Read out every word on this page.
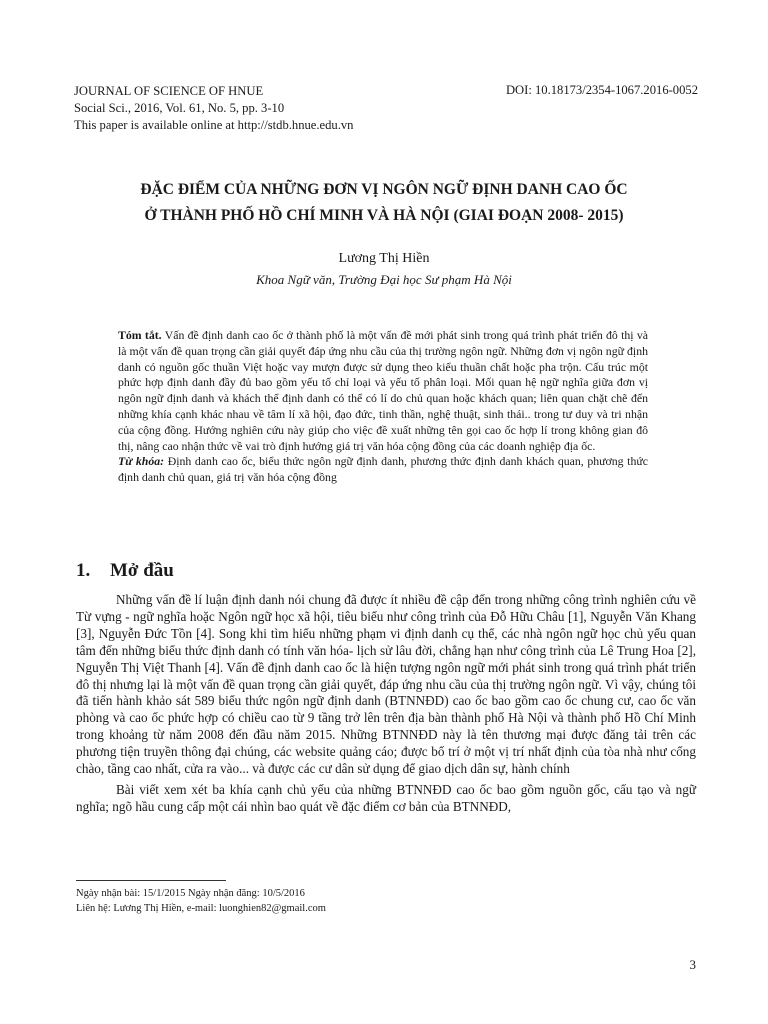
JOURNAL OF SCIENCE OF HNUE
Social Sci., 2016, Vol. 61, No. 5, pp. 3-10
This paper is available online at http://stdb.hnue.edu.vn
DOI: 10.18173/2354-1067.2016-0052
ĐẶC ĐIỂM CỦA NHỮNG ĐƠN VỊ NGÔN NGỮ ĐỊNH DANH CAO ỐC
Ở THÀNH PHỐ HỒ CHÍ MINH VÀ HÀ NỘI (GIAI ĐOẠN 2008- 2015)
Lương Thị Hiền
Khoa Ngữ văn, Trường Đại học Sư phạm Hà Nội

Tóm tắt. Vấn đề định danh cao ốc ở thành phố là một vấn đề mới phát sinh trong quá trình phát triển đô thị và là một vấn đề quan trọng cần giải quyết đáp ứng nhu cầu của thị trường ngôn ngữ. Những đơn vị ngôn ngữ định danh có nguồn gốc thuần Việt hoặc vay mượn được sử dụng theo kiểu thuần chất hoặc pha trộn. Cấu trúc một phức hợp định danh đầy đủ bao gồm yếu tố chỉ loại và yếu tố phân loại. Mối quan hệ ngữ nghĩa giữa đơn vị ngôn ngữ định danh và khách thể định danh có thể có lí do chủ quan hoặc khách quan; liên quan chặt chẽ đến những khía cạnh khác nhau về tâm lí xã hội, đạo đức, tinh thần, nghệ thuật, sinh thái.. trong tư duy và tri nhận của cộng đồng. Hướng nghiên cứu này giúp cho việc đề xuất những tên gọi cao ốc hợp lí trong không gian đô thị, nâng cao nhận thức về vai trò định hướng giá trị văn hóa cộng đồng của các doanh nghiệp địa ốc.

Từ khóa: Định danh cao ốc, biểu thức ngôn ngữ định danh, phương thức định danh khách quan, phương thức định danh chủ quan, giá trị văn hóa cộng đồng

1. Mở đầu

Những vấn đề lí luận định danh nói chung đã được ít nhiều đề cập đến trong những công trình nghiên cứu về Từ vựng - ngữ nghĩa hoặc Ngôn ngữ học xã hội, tiêu biểu như công trình của Đỗ Hữu Châu [1], Nguyễn Văn Khang [3], Nguyễn Đức Tồn [4]. Song khi tìm hiểu những phạm vi định danh cụ thể, các nhà ngôn ngữ học chủ yếu quan tâm đến những biểu thức định danh có tính văn hóa- lịch sử lâu đời, chẳng hạn như công trình của Lê Trung Hoa [2], Nguyễn Thị Việt Thanh [4]. Vấn đề định danh cao ốc là hiện tượng ngôn ngữ mới phát sinh trong quá trình phát triển đô thị nhưng lại là một vấn đề quan trọng cần giải quyết, đáp ứng nhu cầu của thị trường ngôn ngữ. Vì vậy, chúng tôi đã tiến hành khảo sát 589 biểu thức ngôn ngữ định danh (BTNNĐD) cao ốc bao gồm cao ốc chung cư, cao ốc văn phòng và cao ốc phức hợp có chiều cao từ 9 tầng trở lên trên địa bàn thành phố Hà Nội và thành phố Hồ Chí Minh trong khoảng từ năm 2008 đến đầu năm 2015. Những BTNNĐD này là tên thương mại được đăng tải trên các phương tiện truyền thông đại chúng, các website quảng cáo; được bố trí ở một vị trí nhất định của tòa nhà như cổng chào, tầng cao nhất, cửa ra vào... và được các cư dân sử dụng để giao dịch dân sự, hành chính

Bài viết xem xét ba khía cạnh chủ yếu của những BTNNĐD cao ốc bao gồm nguồn gốc, cấu tạo và ngữ nghĩa; ngõ hầu cung cấp một cái nhìn bao quát về đặc điểm cơ bản của BTNNĐD,

Ngày nhận bài: 15/1/2015 Ngày nhận đăng: 10/5/2016
Liên hệ: Lương Thị Hiền, e-mail: luonghien82@gmail.com
3
